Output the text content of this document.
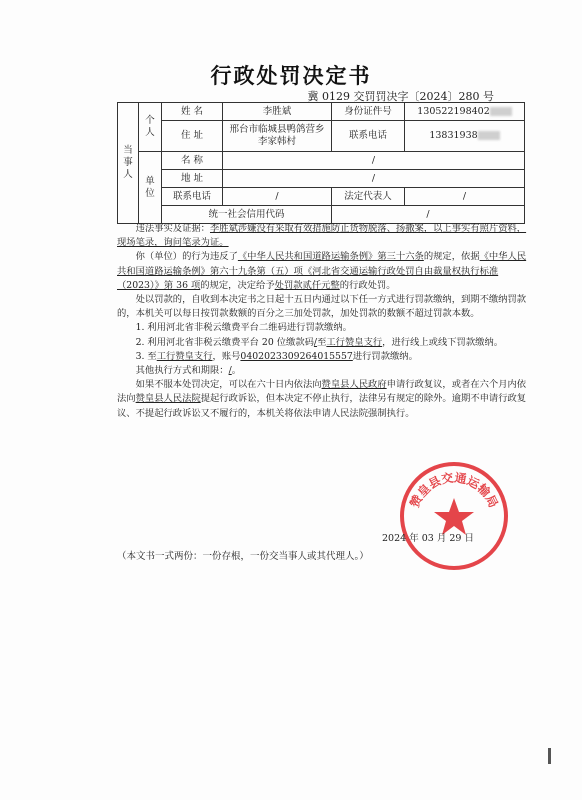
行政处罚决定书
冀 0129 交罚罚决字〔2024〕280 号
当事人	个人	姓 名	李胜斌	身份证件号	130522198402
		住 址	邢台市临城县鸭鸽营乡李家韩村	联系电话	13831938
	单位	名 称	/		
		地 址	/		
		联系电话	/	法定代表人	/
		统一社会信用代码		/	

违法事实及证据：李胜斌涉嫌没有采取有效措施防止货物脱落、扬撒案，以上事实有照片资料，现场笔录，询问笔录为证。

你（单位）的行为违反了《中华人民共和国道路运输条例》第三十六条的规定，依据《中华人民共和国道路运输条例》第六十九条第（五）项《河北省交通运输行政处罚自由裁量权执行标准（2023）》第 36 项的规定，决定给予处罚款贰仟元整的行政处罚。

处以罚款的，自收到本决定书之日起十五日内通过以下任一方式进行罚款缴纳，到期不缴纳罚款的，本机关可以每日按罚款数额的百分之三加处罚款，加处罚款的数额不超过罚款本数。

1. 利用河北省非税云缴费平台二维码进行罚款缴纳。

2. 利用河北省非税云缴费平台 20 位缴款码/至工行赞皇支行，进行线上或线下罚款缴纳。

3. 至工行赞皇支行，账号0402023309264015557进行罚款缴纳。

其他执行方式和期限：/。

如果不服本处罚决定，可以在六十日内依法向赞皇县人民政府申请行政复议，或者在六个月内依法向赞皇县人民法院提起行政诉讼，但本决定不停止执行，法律另有规定的除外。逾期不申请行政复议、不提起行政诉讼又不履行的，本机关将依法申请人民法院强制执行。

赞皇县交通运输局
2024 年 03 月 29 日
（本文书一式两份：一份存根，一份交当事人或其代理人。）
